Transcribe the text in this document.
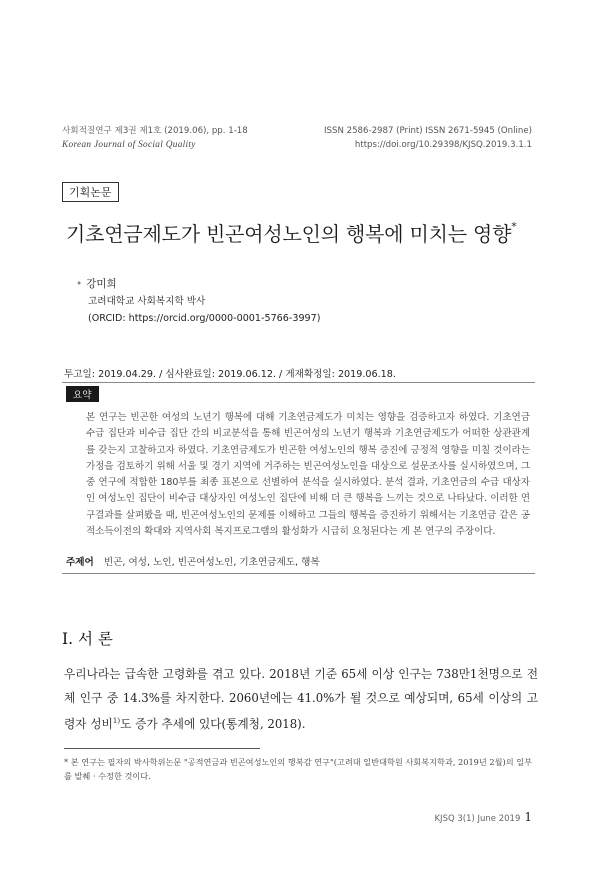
사회적질연구 제3권 제1호 (2019.06), pp. 1-18
Korean Journal of Social Quality
ISSN 2586-2987 (Print) ISSN 2671-5945 (Online)
https://doi.org/10.29398/KJSQ.2019.3.1.1
기획논문
기초연금제도가 빈곤여성노인의 행복에 미치는 영향*
• 강미희
고려대학교 사회복지학 박사
(ORCID: https://orcid.org/0000-0001-5766-3997)
투고일: 2019.04.29. / 심사완료일: 2019.06.12. / 게재확정일: 2019.06.18.
요약
본 연구는 빈곤한 여성의 노년기 행복에 대해 기초연금제도가 미치는 영향을 검증하고자 하였다. 기초연금 수급 집단과 비수급 집단 간의 비교분석을 통해 빈곤여성의 노년기 행복과 기초연금제도가 어떠한 상관관계를 갖는지 고찰하고자 하였다. 기초연금제도가 빈곤한 여성노인의 행복 증진에 긍정적 영향을 미칠 것이라는 가정을 검토하기 위해 서울 및 경기 지역에 거주하는 빈곤여성노인을 대상으로 설문조사를 실시하였으며, 그 중 연구에 적합한 180부를 최종 표본으로 선별하여 분석을 실시하였다. 분석 결과, 기초연금의 수급 대상자인 여성노인 집단이 비수급 대상자인 여성노인 집단에 비해 더 큰 행복을 느끼는 것으로 나타났다. 이러한 연구결과를 살펴봤을 때, 빈곤여성노인의 문제를 이해하고 그들의 행복을 증진하기 위해서는 기초연금 같은 공적소득이전의 확대와 지역사회 복지프로그램의 활성화가 시급히 요청된다는 게 본 연구의 주장이다.
주제어 빈곤, 여성, 노인, 빈곤여성노인, 기초연금제도, 행복
Ⅰ. 서 론
우리나라는 급속한 고령화를 겪고 있다. 2018년 기준 65세 이상 인구는 738만1천명으로 전체 인구 중 14.3%를 차지한다. 2060년에는 41.0%가 될 것으로 예상되며, 65세 이상의 고령자 성비$^{1)}$도 증가 추세에 있다(통계청, 2018).
* 본 연구는 필자의 박사학위논문 "공적연금과 빈곤여성노인의 행복감 연구"(고려대 일반대학원 사회복지학과, 2019년 2월)의 일부를 발췌 · 수정한 것이다.
KJSQ 3(1) June 2019 1
